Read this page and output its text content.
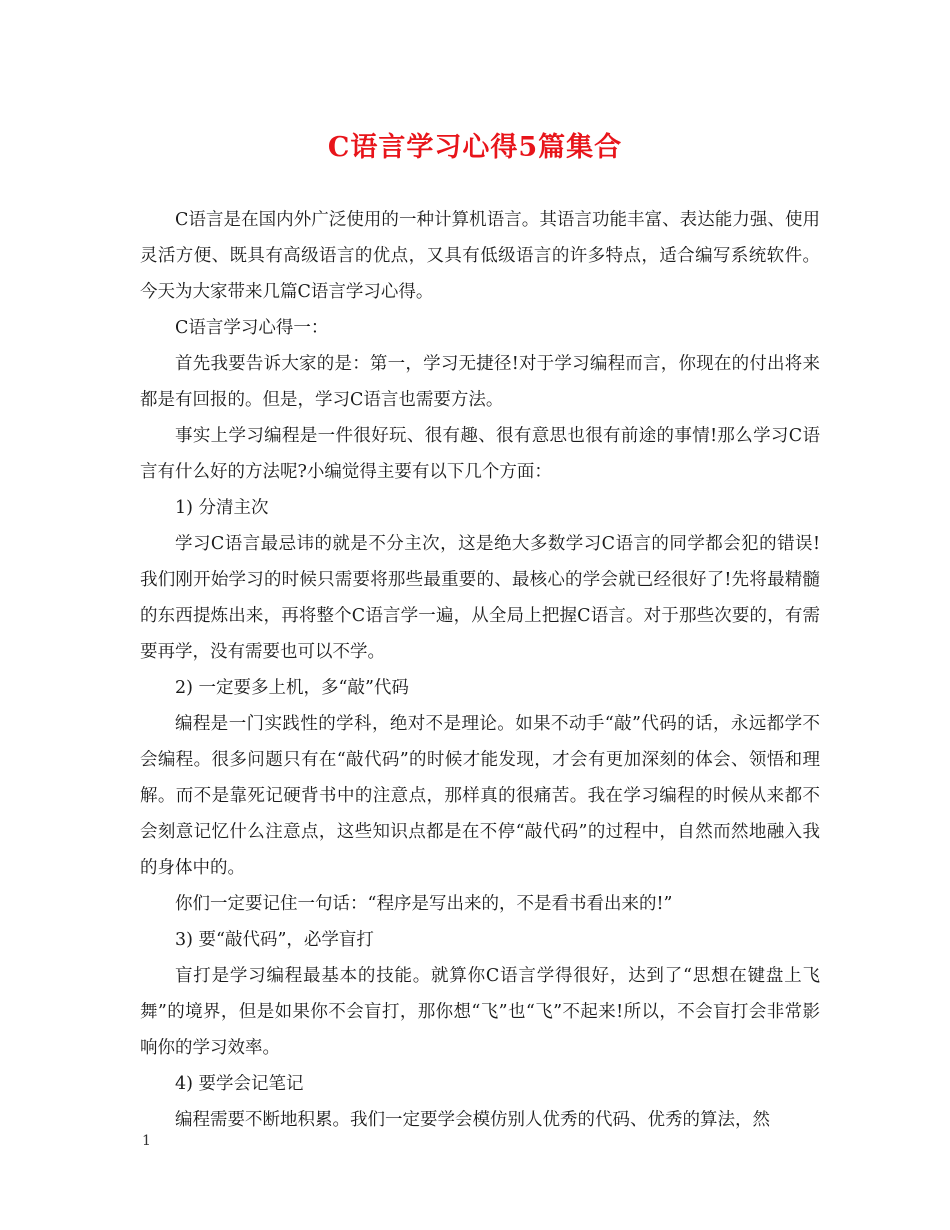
C语言学习心得5篇集合

C语言是在国内外广泛使用的一种计算机语言。其语言功能丰富、表达能力强、使用灵活方便、既具有高级语言的优点，又具有低级语言的许多特点，适合编写系统软件。今天为大家带来几篇C语言学习心得。

C语言学习心得一：

首先我要告诉大家的是：第一，学习无捷径!对于学习编程而言，你现在的付出将来都是有回报的。但是，学习C语言也需要方法。

事实上学习编程是一件很好玩、很有趣、很有意思也很有前途的事情!那么学习C语言有什么好的方法呢?小编觉得主要有以下几个方面：

1) 分清主次

学习C语言最忌讳的就是不分主次，这是绝大多数学习C语言的同学都会犯的错误!我们刚开始学习的时候只需要将那些最重要的、最核心的学会就已经很好了!先将最精髓的东西提炼出来，再将整个C语言学一遍，从全局上把握C语言。对于那些次要的，有需要再学，没有需要也可以不学。

2) 一定要多上机，多“敲”代码

编程是一门实践性的学科，绝对不是理论。如果不动手“敲”代码的话，永远都学不会编程。很多问题只有在“敲代码”的时候才能发现，才会有更加深刻的体会、领悟和理解。而不是靠死记硬背书中的注意点，那样真的很痛苦。我在学习编程的时候从来都不会刻意记忆什么注意点，这些知识点都是在不停“敲代码”的过程中，自然而然地融入我的身体中的。

你们一定要记住一句话：“程序是写出来的，不是看书看出来的!”

3) 要“敲代码”，必学盲打

盲打是学习编程最基本的技能。就算你C语言学得很好，达到了“思想在键盘上飞舞”的境界，但是如果你不会盲打，那你想“飞”也“飞”不起来!所以，不会盲打会非常影响你的学习效率。

4) 要学会记笔记

编程需要不断地积累。我们一定要学会模仿别人优秀的代码、优秀的算法，然

1
